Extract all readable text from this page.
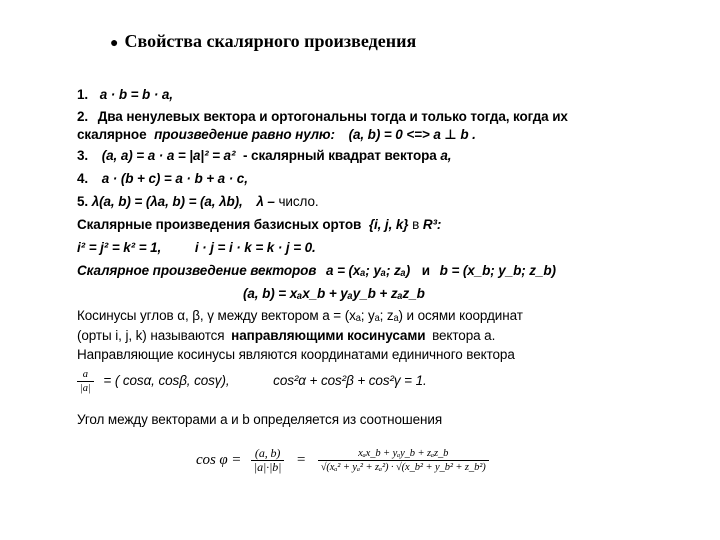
● Свойства скалярного произведения
1. a · b = b · a,
2. Два ненулевых вектора и ортогональны тогда и только тогда, когда их
скалярное произведение равно нулю: (a, b) = 0 <=> a ⊥ b .
3. (a, a) = a · a = |a|² = a² - скалярный квадрат вектора a,
4. a · (b + c) = a · b + a · c,
5. λ(a, b) = (λa, b) = (a, λb), λ – число.
Скалярные произведения базисных ортов {i, j, k} в R³:
i² = j² = k² = 1, i · j = i · k = k · j = 0.
Скалярное произведение векторов a = (xₐ; yₐ; zₐ) и b = (x_b; y_b; z_b)
(a, b) = xₐx_b + yₐy_b + zₐz_b
Косинусы углов α, β, γ между вектором a = (xₐ; yₐ; zₐ) и осями координат
(орты i, j, k) называются направляющими косинусами вектора a.
Направляющие косинусы являются координатами единичного вектора
$\frac{a}{|a|}$ = ( cosα, cosβ, cosγ),	cos²α + cos²β + cos²γ = 1.
Угол между векторами a и b определяется из соотношения
$\cos \varphi = \frac{(a, b)}{|a|\cdot|b|} = \frac{\text{xₐx\_b + yₐy\_b + zₐz\_b}}{\text{√(xₐ² + yₐ² + zₐ²) · √(x\_b² + y\_b² + z\_b²)}}$
